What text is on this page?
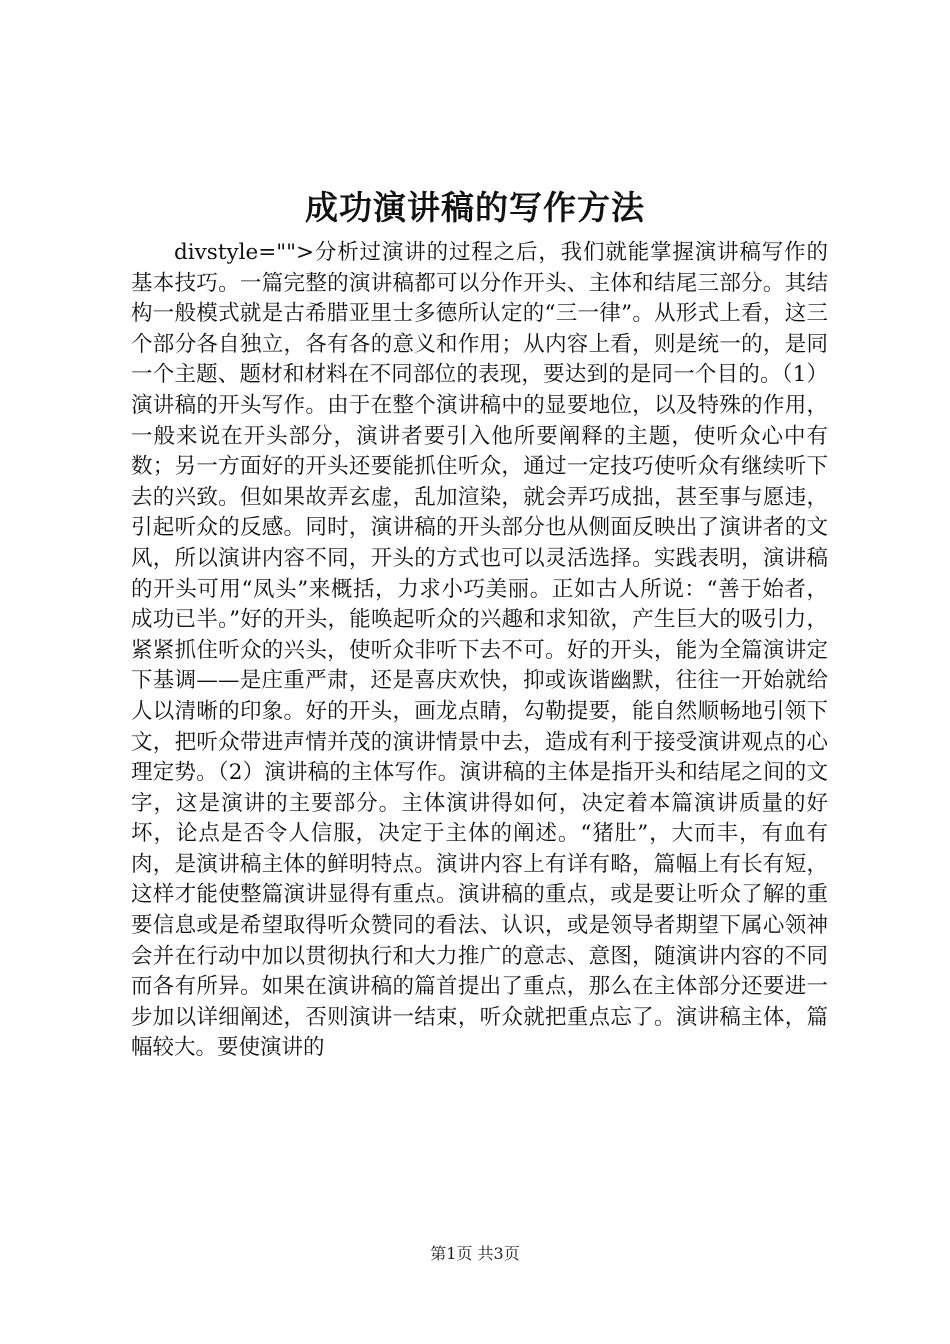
成功演讲稿的写作方法

divstyle="">分析过演讲的过程之后，我们就能掌握演讲稿写作的基本技巧。一篇完整的演讲稿都可以分作开头、主体和结尾三部分。其结构一般模式就是古希腊亚里士多德所认定的“三一律”。从形式上看，这三个部分各自独立，各有各的意义和作用；从内容上看，则是统一的，是同一个主题、题材和材料在不同部位的表现，要达到的是同一个目的。（1）演讲稿的开头写作。由于在整个演讲稿中的显要地位，以及特殊的作用，一般来说在开头部分，演讲者要引入他所要阐释的主题，使听众心中有数；另一方面好的开头还要能抓住听众，通过一定技巧使听众有继续听下去的兴致。但如果故弄玄虚，乱加渲染，就会弄巧成拙，甚至事与愿违，引起听众的反感。同时，演讲稿的开头部分也从侧面反映出了演讲者的文风，所以演讲内容不同，开头的方式也可以灵活选择。实践表明，演讲稿的开头可用“凤头”来概括，力求小巧美丽。正如古人所说：“善于始者，成功已半。”好的开头，能唤起听众的兴趣和求知欲，产生巨大的吸引力，紧紧抓住听众的兴头，使听众非听下去不可。好的开头，能为全篇演讲定下基调——是庄重严肃，还是喜庆欢快，抑或诙谐幽默，往往一开始就给人以清晰的印象。好的开头，画龙点睛，勾勒提要，能自然顺畅地引领下文，把听众带进声情并茂的演讲情景中去，造成有利于接受演讲观点的心理定势。（2）演讲稿的主体写作。演讲稿的主体是指开头和结尾之间的文字，这是演讲的主要部分。主体演讲得如何，决定着本篇演讲质量的好坏，论点是否令人信服，决定于主体的阐述。“猪肚”，大而丰，有血有肉，是演讲稿主体的鲜明特点。演讲内容上有详有略，篇幅上有长有短，这样才能使整篇演讲显得有重点。演讲稿的重点，或是要让听众了解的重要信息或是希望取得听众赞同的看法、认识，或是领导者期望下属心领神会并在行动中加以贯彻执行和大力推广的意志、意图，随演讲内容的不同而各有所异。如果在演讲稿的篇首提出了重点，那么在主体部分还要进一步加以详细阐述，否则演讲一结束，听众就把重点忘了。演讲稿主体，篇幅较大。要使演讲的

第1页 共3页
